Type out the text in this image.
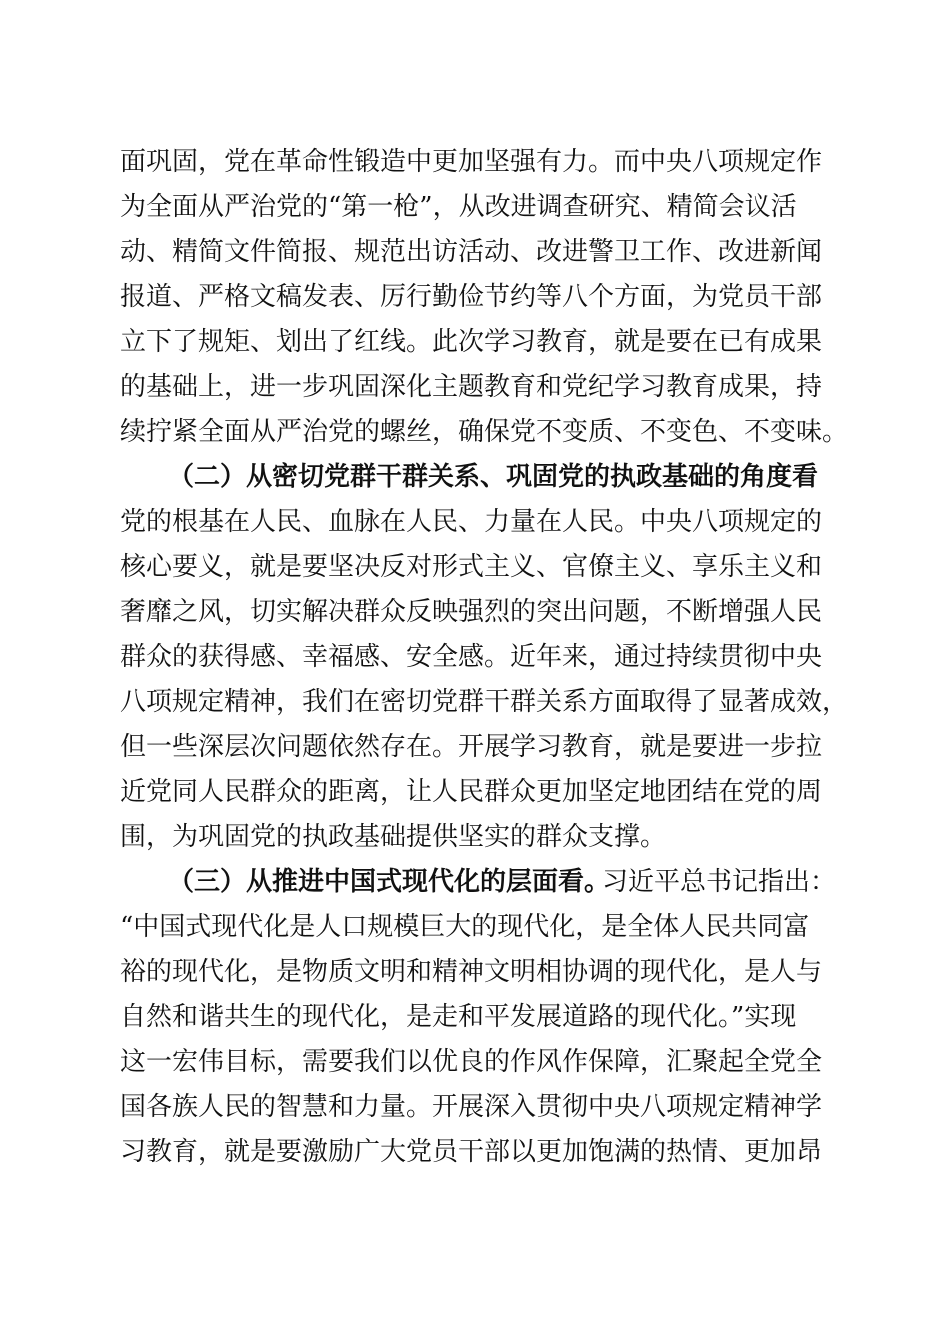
面巩固，党在革命性锻造中更加坚强有力。而中央八项规定作
为全面从严治党的“第一枪”，从改进调查研究、精简会议活
动、精简文件简报、规范出访活动、改进警卫工作、改进新闻
报道、严格文稿发表、厉行勤俭节约等八个方面，为党员干部
立下了规矩、划出了红线。此次学习教育，就是要在已有成果
的基础上，进一步巩固深化主题教育和党纪学习教育成果，持
续拧紧全面从严治党的螺丝，确保党不变质、不变色、不变味。
（二）从密切党群干群关系、巩固党的执政基础的角度看
党的根基在人民、血脉在人民、力量在人民。中央八项规定的
核心要义，就是要坚决反对形式主义、官僚主义、享乐主义和
奢靡之风，切实解决群众反映强烈的突出问题，不断增强人民
群众的获得感、幸福感、安全感。近年来，通过持续贯彻中央
八项规定精神，我们在密切党群干群关系方面取得了显著成效，
但一些深层次问题依然存在。开展学习教育，就是要进一步拉
近党同人民群众的距离，让人民群众更加坚定地团结在党的周
围，为巩固党的执政基础提供坚实的群众支撑。
（三）从推进中国式现代化的层面看。
习近平总书记指出：
“中国式现代化是人口规模巨大的现代化，是全体人民共同富
裕的现代化，是物质文明和精神文明相协调的现代化，是人与
自然和谐共生的现代化，是走和平发展道路的现代化。”实现
这一宏伟目标，需要我们以优良的作风作保障，汇聚起全党全
国各族人民的智慧和力量。开展深入贯彻中央八项规定精神学
习教育，就是要激励广大党员干部以更加饱满的热情、更加昂
